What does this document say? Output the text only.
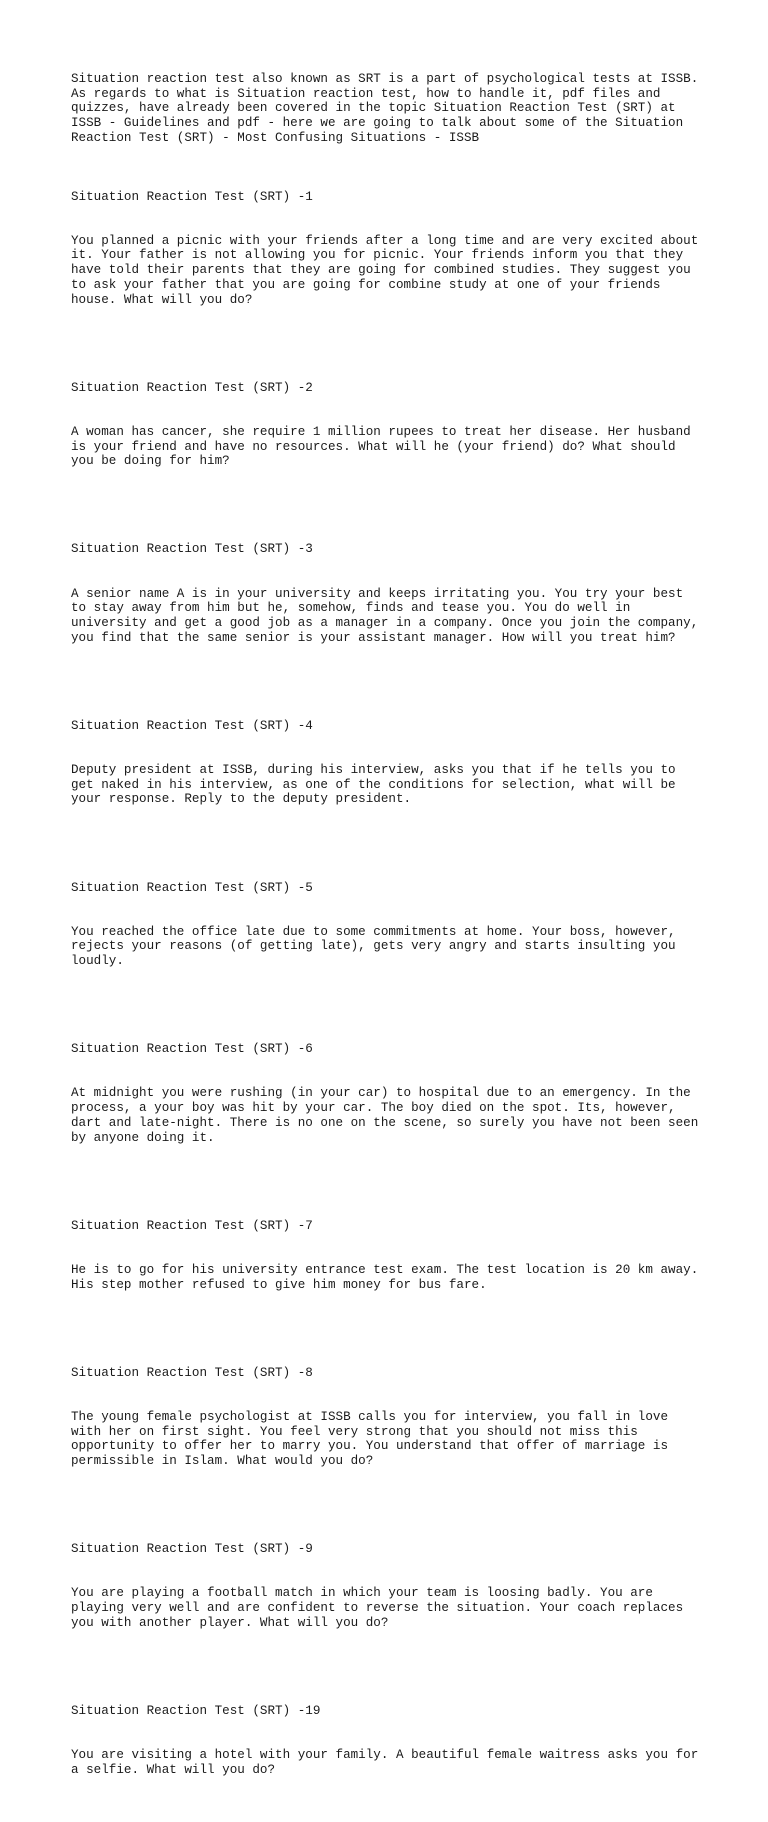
Situation reaction test also known as SRT is a part of psychological tests at ISSB.
As regards to what is Situation reaction test, how to handle it, pdf files and
quizzes, have already been covered in the topic Situation Reaction Test (SRT) at
ISSB - Guidelines and pdf - here we are going to talk about some of the Situation
Reaction Test (SRT) - Most Confusing Situations - ISSB

Situation Reaction Test (SRT) -1

You planned a picnic with your friends after a long time and are very excited about
it. Your father is not allowing you for picnic. Your friends inform you that they
have told their parents that they are going for combined studies. They suggest you
to ask your father that you are going for combine study at one of your friends
house. What will you do?

Situation Reaction Test (SRT) -2

A woman has cancer, she require 1 million rupees to treat her disease. Her husband
is your friend and have no resources. What will he (your friend) do? What should
you be doing for him?

Situation Reaction Test (SRT) -3

A senior name A is in your university and keeps irritating you. You try your best
to stay away from him but he, somehow, finds and tease you. You do well in
university and get a good job as a manager in a company. Once you join the company,
you find that the same senior is your assistant manager. How will you treat him?

Situation Reaction Test (SRT) -4

Deputy president at ISSB, during his interview, asks you that if he tells you to
get naked in his interview, as one of the conditions for selection, what will be
your response. Reply to the deputy president.

Situation Reaction Test (SRT) -5

You reached the office late due to some commitments at home. Your boss, however,
rejects your reasons (of getting late), gets very angry and starts insulting you
loudly.

Situation Reaction Test (SRT) -6

At midnight you were rushing (in your car) to hospital due to an emergency. In the
process, a your boy was hit by your car. The boy died on the spot. Its, however,
dart and late-night. There is no one on the scene, so surely you have not been seen
by anyone doing it.

Situation Reaction Test (SRT) -7

He is to go for his university entrance test exam. The test location is 20 km away.
His step mother refused to give him money for bus fare.

Situation Reaction Test (SRT) -8

The young female psychologist at ISSB calls you for interview, you fall in love
with her on first sight. You feel very strong that you should not miss this
opportunity to offer her to marry you. You understand that offer of marriage is
permissible in Islam. What would you do?

Situation Reaction Test (SRT) -9

You are playing a football match in which your team is loosing badly. You are
playing very well and are confident to reverse the situation. Your coach replaces
you with another player. What will you do?

Situation Reaction Test (SRT) -19

You are visiting a hotel with your family. A beautiful female waitress asks you for
a selfie. What will you do?
